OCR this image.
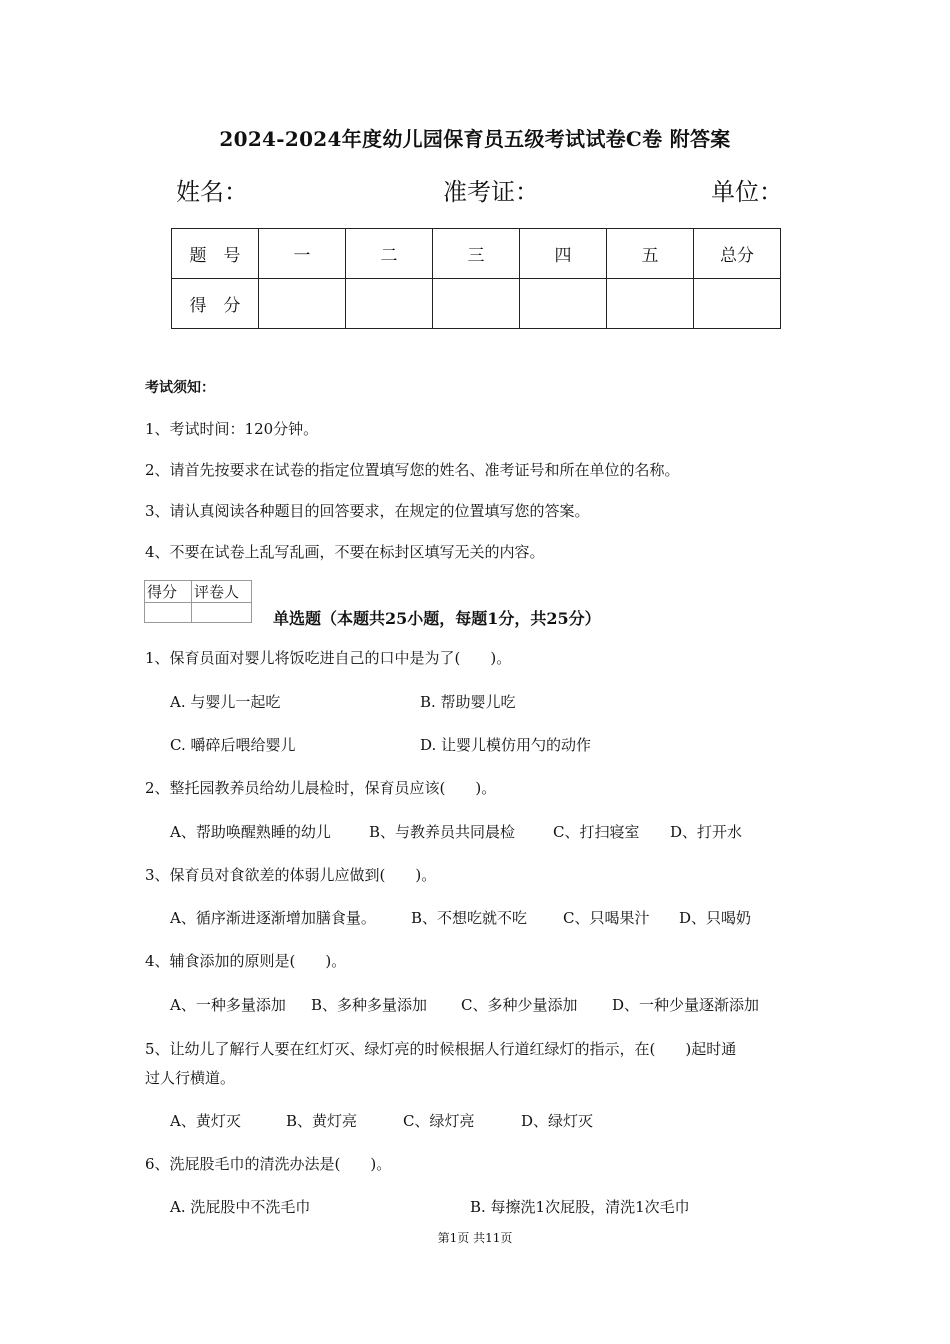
2024-2024年度幼儿园保育员五级考试试卷C卷 附答案
姓名：	准考证：	单位：
题　号	一	二	三	四	五	总分
得　分						
考试须知：
1、考试时间：120分钟。
2、请首先按要求在试卷的指定位置填写您的姓名、准考证号和所在单位的名称。
3、请认真阅读各种题目的回答要求，在规定的位置填写您的答案。
4、不要在试卷上乱写乱画，不要在标封区填写无关的内容。
得分	评卷人

单选题（本题共25小题，每题1分，共25分）
1、保育员面对婴儿将饭吃进自己的口中是为了(　　)。
A. 与婴儿一起吃	B. 帮助婴儿吃
C. 嚼碎后喂给婴儿	D. 让婴儿模仿用勺的动作
2、整托园教养员给幼儿晨检时，保育员应该(　　)。
A、帮助唤醒熟睡的幼儿	B、与教养员共同晨检	C、打扫寝室 D、打开水
3、保育员对食欲差的体弱儿应做到(　　)。
A、循序渐进逐渐增加膳食量。 B、不想吃就不吃 C、只喝果汁 D、只喝奶
4、辅食添加的原则是(　　)。
A、一种多量添加 B、多种多量添加 C、多种少量添加 D、一种少量逐渐添加
5、让幼儿了解行人要在红灯灭、绿灯亮的时候根据人行道红绿灯的指示，在(　　)起时通
过人行横道。
A、黄灯灭	B、黄灯亮	C、绿灯亮	D、绿灯灭
6、洗屁股毛巾的清洗办法是(　　)。
A. 洗屁股中不洗毛巾	B. 每擦洗1次屁股，清洗1次毛巾
第1页 共11页
